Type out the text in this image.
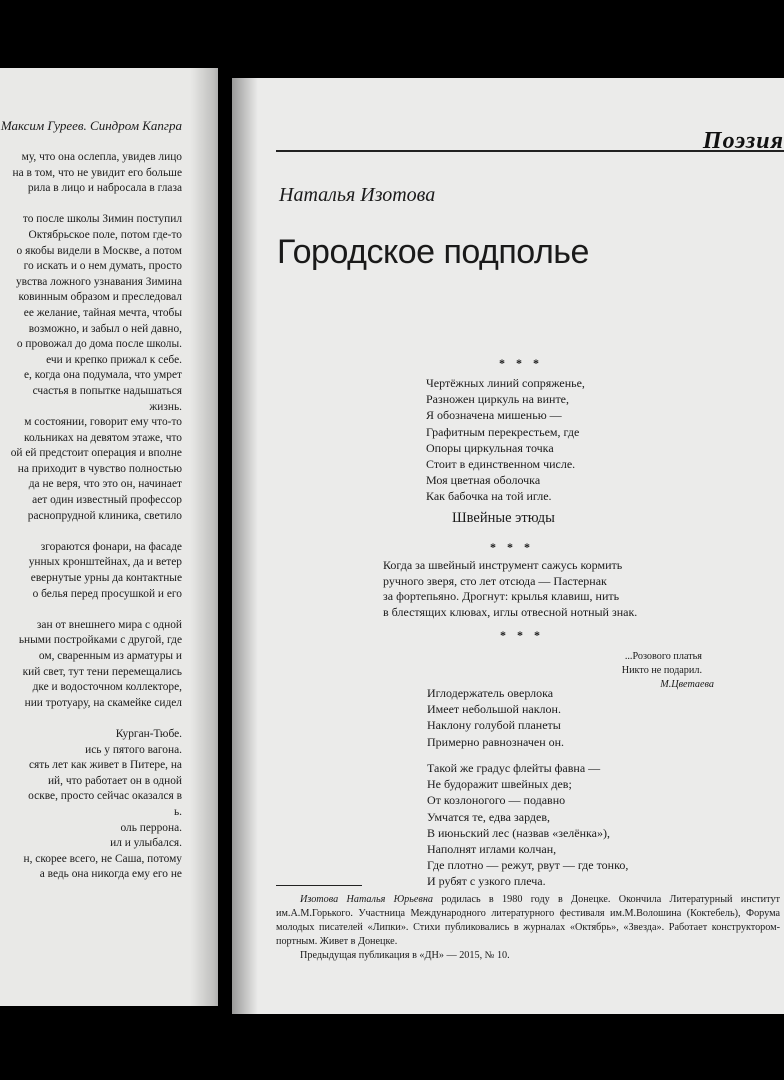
Максим Гуреев. Синдром Капгра
му, что она ослепла, увидев лицо
на в том, что не увидит его больше
рила в лицо и набросала в глаза

то после школы Зимин поступил
Октябрьское поле, потом где-то
о якобы видели в Москве, а потом
го искать и о нем думать, просто
увства ложного узнавания Зимина
ковинным образом и преследовал
ее желание, тайная мечта, чтобы
возможно, и забыл о ней давно,
о провожал до дома после школы.
ечи и крепко прижал к себе.
е, когда она подумала, что умрет
счастья в попытке надышаться
жизнь.
м состоянии, говорит ему что-то
кольниках на девятом этаже, что
ой ей предстоит операция и вполне
на приходит в чувство полностью
да не веря, что это он, начинает
ает один известный профессор
раснопрудной клиника, светило

згораются фонари, на фасаде
унных кронштейнах, да и ветер
евернутые урны да контактные
о белья перед просушкой и его

зан от внешнего мира с одной
ьными постройками с другой, где
ом, сваренным из арматуры и
кий свет, тут тени перемещались
дке и водосточном коллекторе,
нии тротуару, на скамейке сидел

Курган-Тюбе.
ись у пятого вагона.
сять лет как живет в Питере, на
ий, что работает он в одной
оскве, просто сейчас оказался в
ь.
оль перрона.
ил и улыбался.
н, скорее всего, не Саша, потому
а ведь она никогда ему его не
Поэзия
Наталья Изотова
Городское подполье
* * *
Чертёжных линий сопряженье,
Разножен циркуль на винте,
Я обозначена мишенью —
Графитным перекрестьем, где
Опоры циркульная точка
Стоит в единственном числе.
Моя цветная оболочка
Как бабочка на той игле.
Швейные этюды
* * *
Когда за швейный инструмент сажусь кормить
ручного зверя, сто лет отсюда — Пастернак
за фортепьяно. Дрогнут: крылья клавиш, нить
в блестящих клювах, иглы отвесной нотный знак.
* * *
...Розового платья
Никто не подарил.
М.Цветаева
Иглодержатель оверлока
Имеет небольшой наклон.
Наклону голубой планеты
Примерно равнозначен он.
Такой же градус флейты фавна —
Не будоражит швейных дев;
От козлоногого — подавно
Умчатся те, едва зардев,
В июньский лес (назвав «зелёнка»),
Наполнят иглами колчан,
Где плотно — режут, рвут — где тонко,
И рубят с узкого плеча.

Изотова Наталья Юрьевна родилась в 1980 году в Донецке. Окончила Литературный институт им.А.М.Горького. Участница Международного литературного фестиваля им.М.Волошина (Коктебель), Форума молодых писателей «Липки». Стихи публиковались в журналах «Октябрь», «Звезда». Работает конструктором-портным. Живет в Донецке.

Предыдущая публикация в «ДН» — 2015, № 10.
